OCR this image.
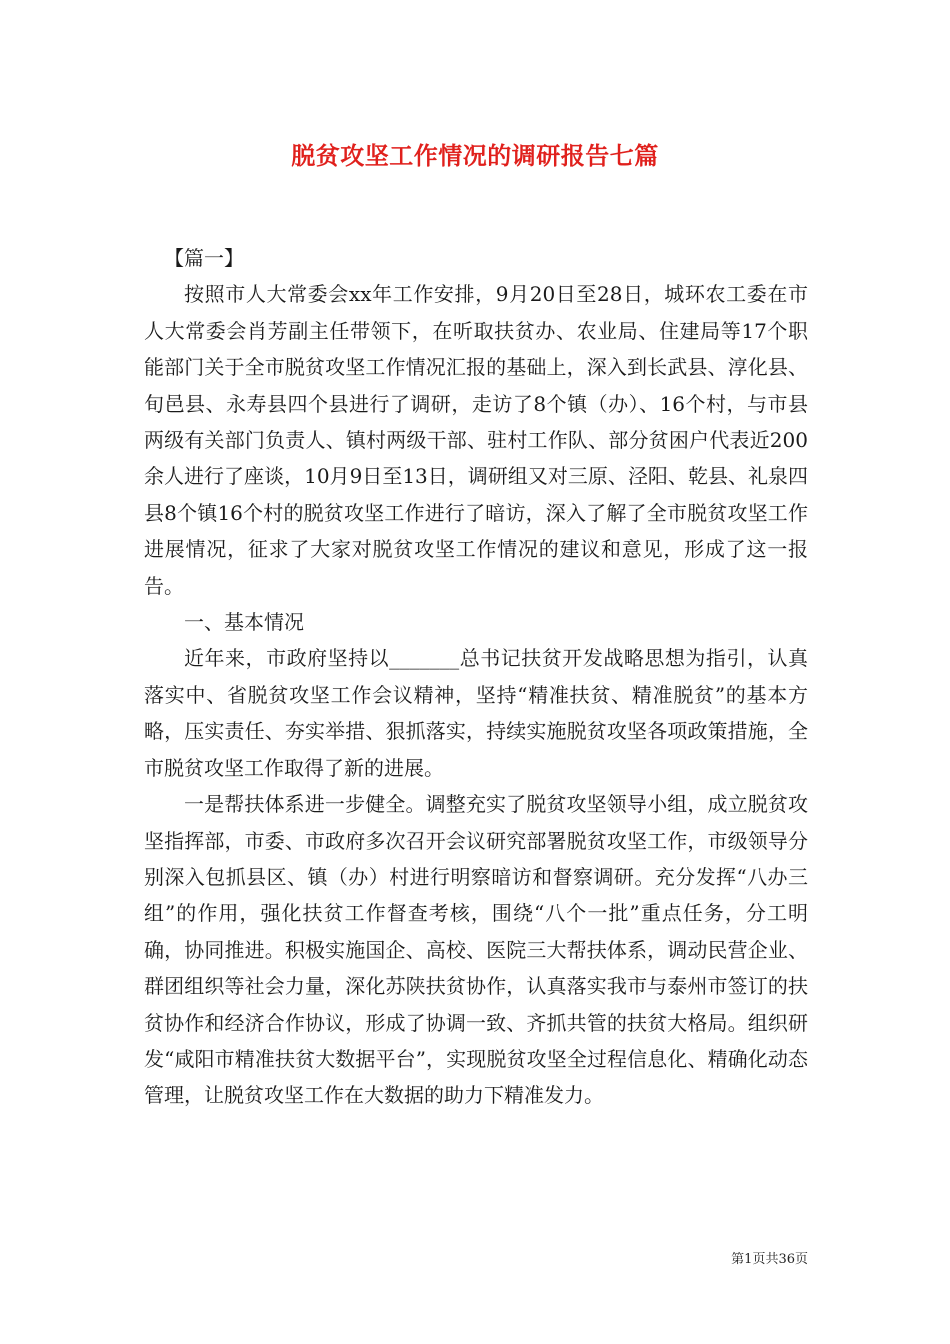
脱贫攻坚工作情况的调研报告七篇

【篇一】

按照市人大常委会xx年工作安排，9月20日至28日，城环农工委在市人大常委会肖芳副主任带领下，在听取扶贫办、农业局、住建局等17个职能部门关于全市脱贫攻坚工作情况汇报的基础上，深入到长武县、淳化县、旬邑县、永寿县四个县进行了调研，走访了8个镇（办）、16个村，与市县两级有关部门负责人、镇村两级干部、驻村工作队、部分贫困户代表近200余人进行了座谈，10月9日至13日，调研组又对三原、泾阳、乾县、礼泉四县8个镇16个村的脱贫攻坚工作进行了暗访，深入了解了全市脱贫攻坚工作进展情况，征求了大家对脱贫攻坚工作情况的建议和意见，形成了这一报告。

一、基本情况

近年来，市政府坚持以_______总书记扶贫开发战略思想为指引，认真落实中、省脱贫攻坚工作会议精神，坚持“精准扶贫、精准脱贫”的基本方略，压实责任、夯实举措、狠抓落实，持续实施脱贫攻坚各项政策措施，全市脱贫攻坚工作取得了新的进展。

一是帮扶体系进一步健全。调整充实了脱贫攻坚领导小组，成立脱贫攻坚指挥部，市委、市政府多次召开会议研究部署脱贫攻坚工作，市级领导分别深入包抓县区、镇（办）村进行明察暗访和督察调研。充分发挥“八办三组”的作用，强化扶贫工作督查考核，围绕“八个一批”重点任务，分工明确，协同推进。积极实施国企、高校、医院三大帮扶体系，调动民营企业、群团组织等社会力量，深化苏陕扶贫协作，认真落实我市与泰州市签订的扶贫协作和经济合作协议，形成了协调一致、齐抓共管的扶贫大格局。组织研发“咸阳市精准扶贫大数据平台”，实现脱贫攻坚全过程信息化、精确化动态管理，让脱贫攻坚工作在大数据的助力下精准发力。

第1页共36页
